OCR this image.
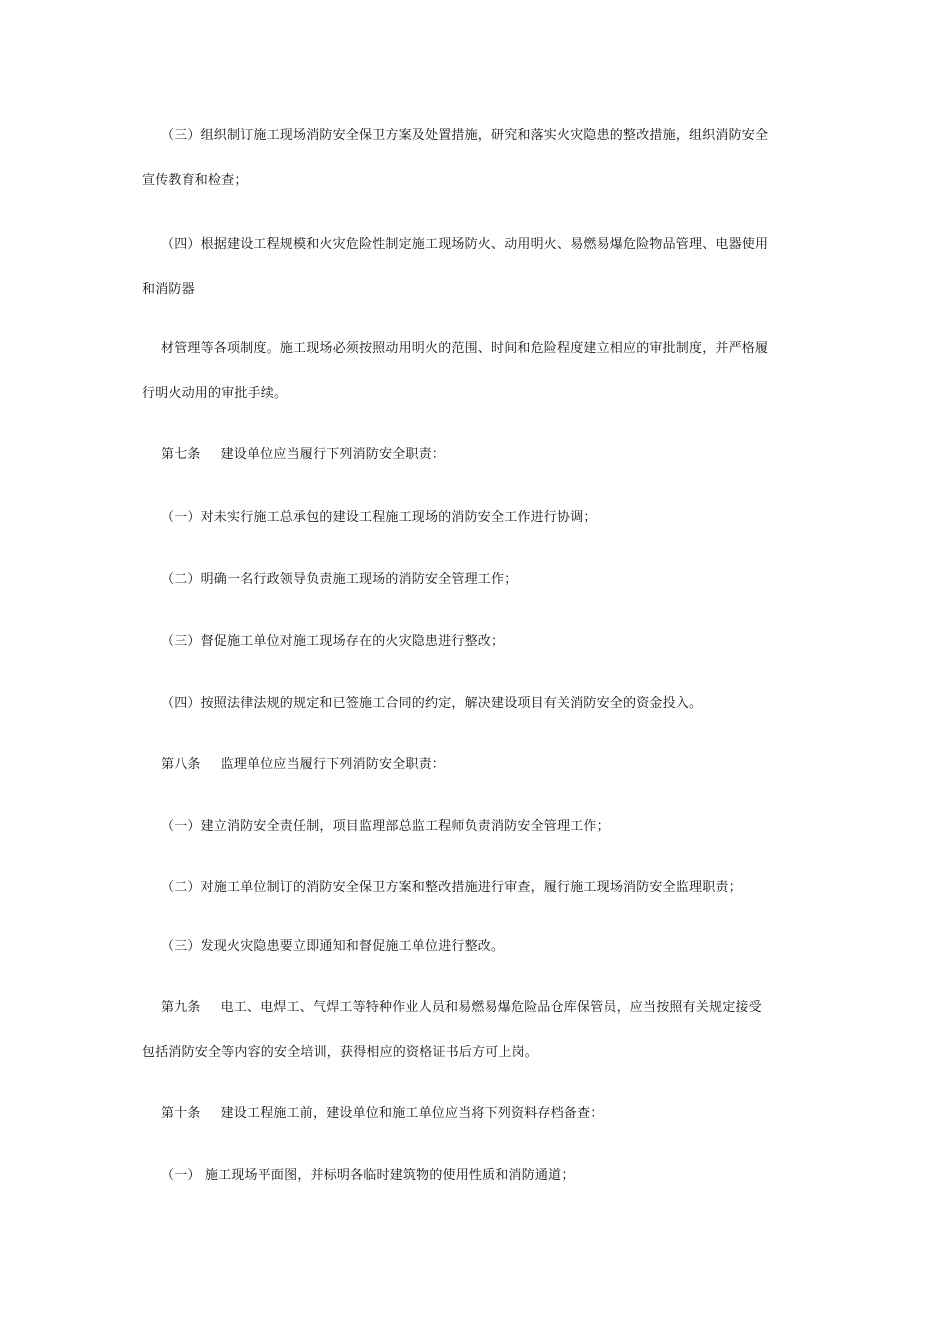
（三）组织制订施工现场消防安全保卫方案及处置措施，研究和落实火灾隐患的整改措施，组织消防安全
宣传教育和检查；
（四）根据建设工程规模和火灾危险性制定施工现场防火、动用明火、易燃易爆危险物品管理、电器使用
和消防器
材管理等各项制度。施工现场必须按照动用明火的范围、时间和危险程度建立相应的审批制度，并严格履
行明火动用的审批手续。
第七条 建设单位应当履行下列消防安全职责：
（一）对未实行施工总承包的建设工程施工现场的消防安全工作进行协调；
（二）明确一名行政领导负责施工现场的消防安全管理工作；
（三）督促施工单位对施工现场存在的火灾隐患进行整改；
（四）按照法律法规的规定和已签施工合同的约定，解决建设项目有关消防安全的资金投入。
第八条 监理单位应当履行下列消防安全职责：
（一）建立消防安全责任制，项目监理部总监工程师负责消防安全管理工作；
（二）对施工单位制订的消防安全保卫方案和整改措施进行审查，履行施工现场消防安全监理职责；
（三）发现火灾隐患要立即通知和督促施工单位进行整改。
第九条 电工、电焊工、气焊工等特种作业人员和易燃易爆危险品仓库保管员，应当按照有关规定接受
包括消防安全等内容的安全培训，获得相应的资格证书后方可上岗。
第十条 建设工程施工前，建设单位和施工单位应当将下列资料存档备查：
（一） 施工现场平面图，并标明各临时建筑物的使用性质和消防通道；
